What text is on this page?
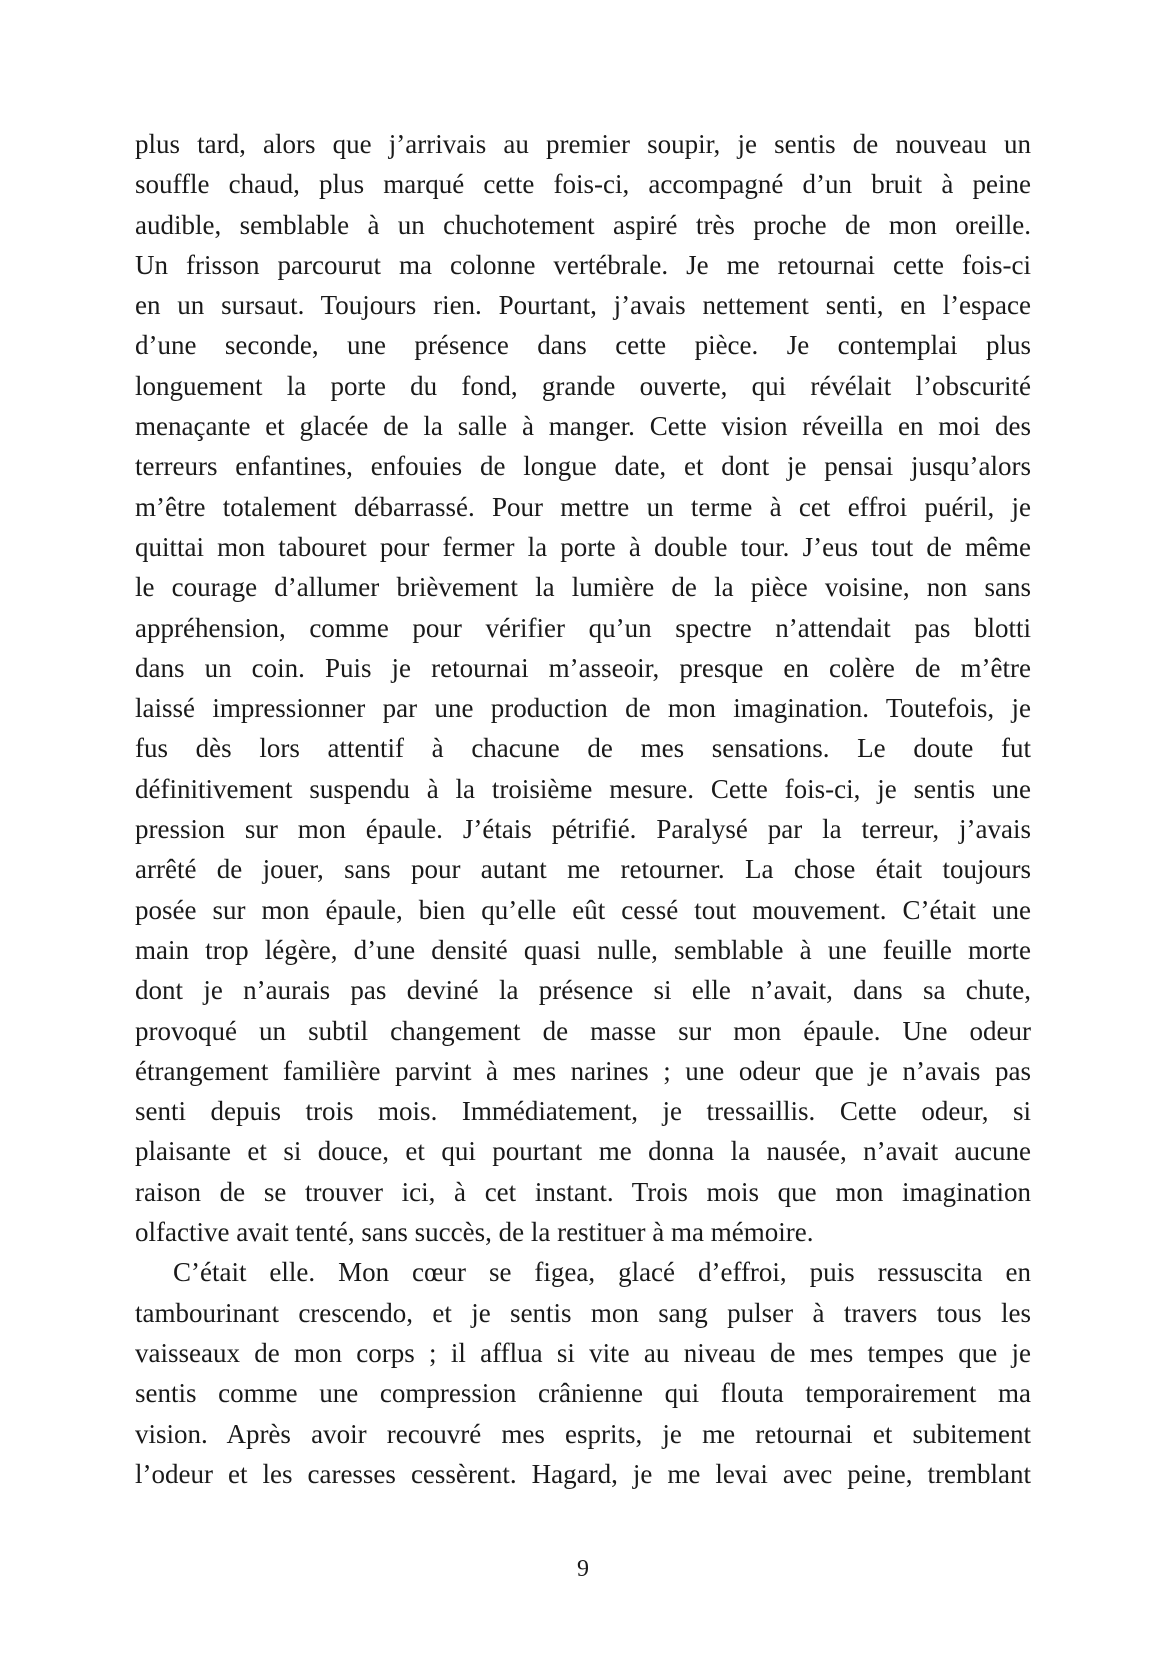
plus tard, alors que j’arrivais au premier soupir, je sentis de nouveau un
souffle chaud, plus marqué cette fois-ci, accompagné d’un bruit à peine
audible, semblable à un chuchotement aspiré très proche de mon oreille.
Un frisson parcourut ma colonne vertébrale. Je me retournai cette fois-ci
en un sursaut. Toujours rien. Pourtant, j’avais nettement senti, en l’espace
d’une seconde, une présence dans cette pièce. Je contemplai plus
longuement la porte du fond, grande ouverte, qui révélait l’obscurité
menaçante et glacée de la salle à manger. Cette vision réveilla en moi des
terreurs enfantines, enfouies de longue date, et dont je pensai jusqu’alors
m’être totalement débarrassé. Pour mettre un terme à cet effroi puéril, je
quittai mon tabouret pour fermer la porte à double tour. J’eus tout de même
le courage d’allumer brièvement la lumière de la pièce voisine, non sans
appréhension, comme pour vérifier qu’un spectre n’attendait pas blotti
dans un coin. Puis je retournai m’asseoir, presque en colère de m’être
laissé impressionner par une production de mon imagination. Toutefois, je
fus dès lors attentif à chacune de mes sensations. Le doute fut
définitivement suspendu à la troisième mesure. Cette fois-ci, je sentis une
pression sur mon épaule. J’étais pétrifié. Paralysé par la terreur, j’avais
arrêté de jouer, sans pour autant me retourner. La chose était toujours
posée sur mon épaule, bien qu’elle eût cessé tout mouvement. C’était une
main trop légère, d’une densité quasi nulle, semblable à une feuille morte
dont je n’aurais pas deviné la présence si elle n’avait, dans sa chute,
provoqué un subtil changement de masse sur mon épaule. Une odeur
étrangement familière parvint à mes narines ; une odeur que je n’avais pas
senti depuis trois mois. Immédiatement, je tressaillis. Cette odeur, si
plaisante et si douce, et qui pourtant me donna la nausée, n’avait aucune
raison de se trouver ici, à cet instant. Trois mois que mon imagination
olfactive avait tenté, sans succès, de la restituer à ma mémoire.
C’était elle. Mon cœur se figea, glacé d’effroi, puis ressuscita en
tambourinant crescendo, et je sentis mon sang pulser à travers tous les
vaisseaux de mon corps ; il afflua si vite au niveau de mes tempes que je
sentis comme une compression crânienne qui flouta temporairement ma
vision. Après avoir recouvré mes esprits, je me retournai et subitement
l’odeur et les caresses cessèrent. Hagard, je me levai avec peine, tremblant
9
